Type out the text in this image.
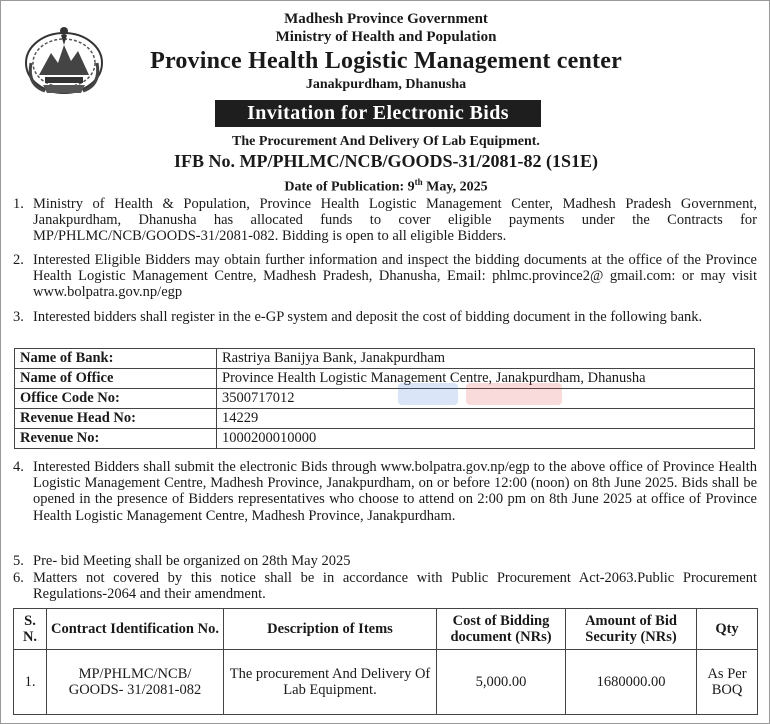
Madhesh Province Government
Ministry of Health and Population
Province Health Logistic Management center
Janakpurdham, Dhanusha
Invitation for Electronic Bids
The Procurement And Delivery Of Lab Equipment.
IFB No. MP/PHLMC/NCB/GOODS-31/2081-82 (1S1E)
Date of Publication: 9th May, 2025
1. Ministry of Health & Population, Province Health Logistic Management Center, Madhesh Pradesh Government, Janakpurdham, Dhanusha has allocated funds to cover eligible payments under the Contracts for MP/PHLMC/NCB/GOODS-31/2081-082. Bidding is open to all eligible Bidders.
2. Interested Eligible Bidders may obtain further information and inspect the bidding documents at the office of the Province Health Logistic Management Centre, Madhesh Pradesh, Dhanusha, Email: phlmc.province2@ gmail.com: or may visit www.bolpatra.gov.np/egp
3. Interested bidders shall register in the e-GP system and deposit the cost of bidding document in the following bank.
Name of Bank:	Rastriya Banijya Bank, Janakpurdham
Name of Office	Province Health Logistic Management Centre, Janakpurdham, Dhanusha
Office Code No:	3500717012
Revenue Head No:	14229
Revenue No:	1000200010000
4. Interested Bidders shall submit the electronic Bids through www.bolpatra.gov.np/egp to the above office of Province Health Logistic Management Centre, Madhesh Province, Janakpurdham, on or before 12:00 (noon) on 8th June 2025. Bids shall be opened in the presence of Bidders representatives who choose to attend on 2:00 pm on 8th June 2025 at office of Province Health Logistic Management Centre, Madhesh Province, Janakpurdham.
5. Pre- bid Meeting shall be organized on 28th May 2025
6. Matters not covered by this notice shall be in accordance with Public Procurement Act-2063.Public Procurement Regulations-2064 and their amendment.
S. N.	Contract Identification No.	Description of Items	Cost of Bidding document (NRs)	Amount of Bid Security (NRs)	Qty
1.	MP/PHLMC/NCB/ GOODS- 31/2081-082	The procurement And Delivery Of Lab Equipment.	5,000.00	1680000.00	As Per BOQ
